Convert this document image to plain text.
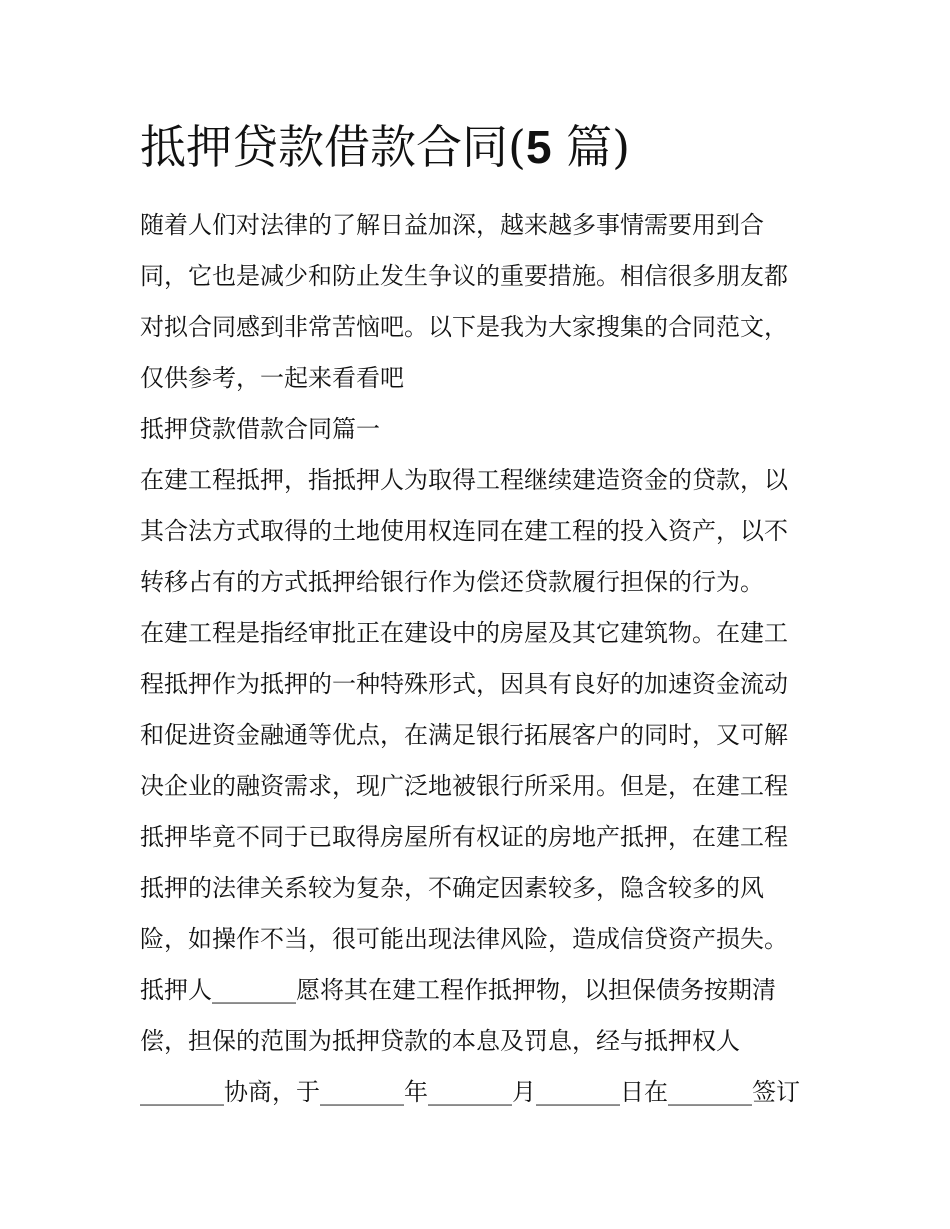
抵押贷款借款合同(5 篇)
随着人们对法律的了解日益加深，越来越多事情需要用到合
同，它也是减少和防止发生争议的重要措施。相信很多朋友都
对拟合同感到非常苦恼吧。以下是我为大家搜集的合同范文，
仅供参考，一起来看看吧
抵押贷款借款合同篇一
在建工程抵押，指抵押人为取得工程继续建造资金的贷款，以
其合法方式取得的土地使用权连同在建工程的投入资产，以不
转移占有的方式抵押给银行作为偿还贷款履行担保的行为。
在建工程是指经审批正在建设中的房屋及其它建筑物。在建工
程抵押作为抵押的一种特殊形式，因具有良好的加速资金流动
和促进资金融通等优点，在满足银行拓展客户的同时，又可解
决企业的融资需求，现广泛地被银行所采用。但是，在建工程
抵押毕竟不同于已取得房屋所有权证的房地产抵押，在建工程
抵押的法律关系较为复杂，不确定因素较多，隐含较多的风
险，如操作不当，很可能出现法律风险，造成信贷资产损失。
抵押人_______愿将其在建工程作抵押物，以担保债务按期清
偿，担保的范围为抵押贷款的本息及罚息，经与抵押权人
_______协商，于_______年_______月_______日在_______签订
